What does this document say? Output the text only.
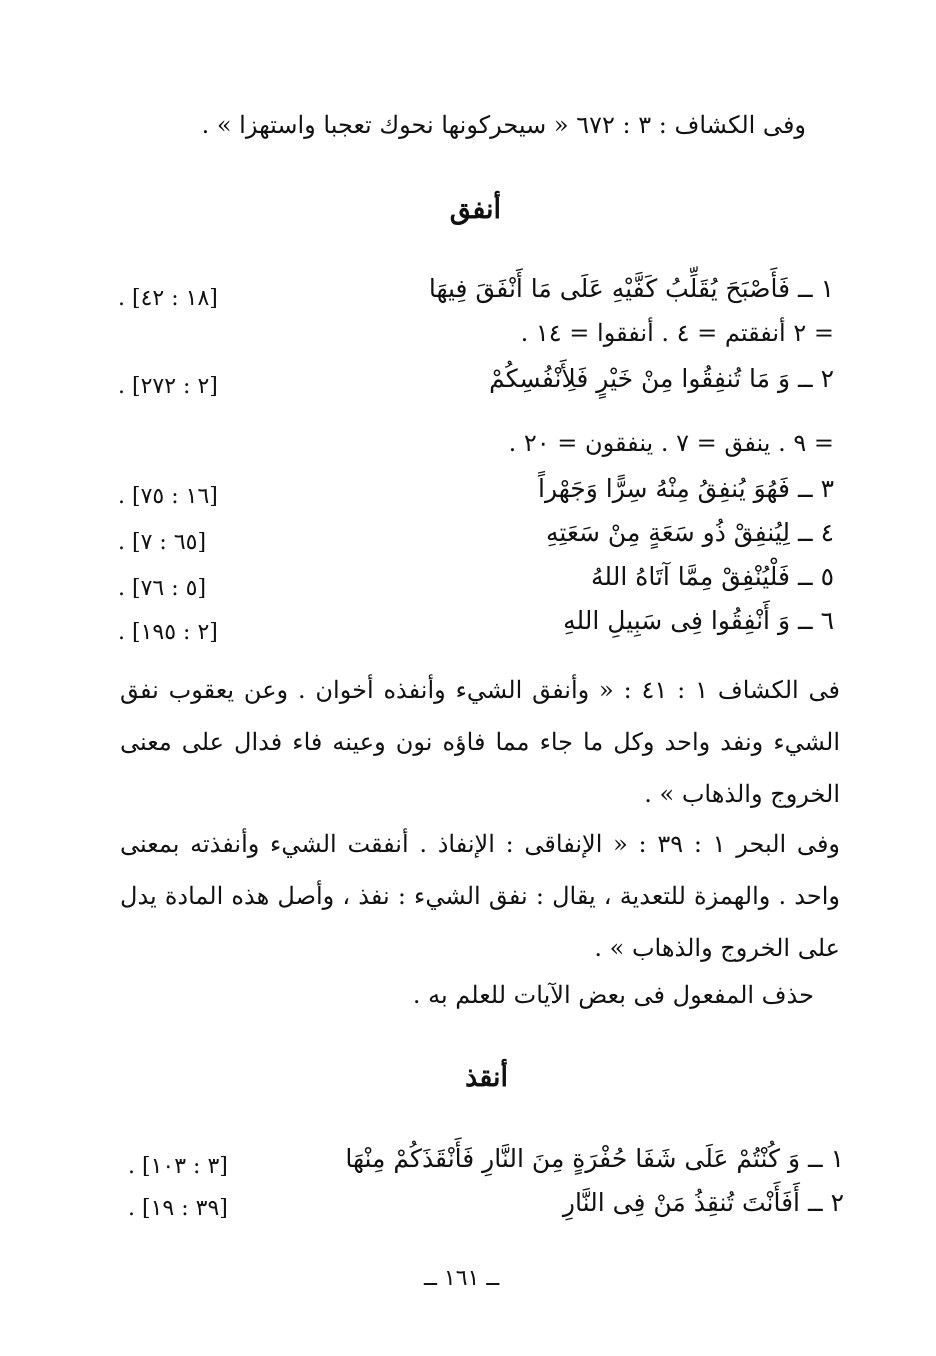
وفى الكشاف : ٣ : ٦٧٢ « سيحركونها نحوك تعجبا واستهزا » .
أنفق
١ ــ فَأَصْبَحَ يُقَلِّبُ كَفَّيْهِ عَلَى مَا أَنْفَقَ فِيهَا
[١٨ : ٤٢] .
= ٢ أنفقتم = ٤ . أنفقوا = ١٤ .
٢ ــ وَ مَا تُنفِقُوا مِنْ خَيْرٍ فَلِأَنْفُسِكُمْ
[٢ : ٢٧٢] .
= ٩ . ينفق = ٧ . ينفقون = ٢٠ .
٣ ــ فَهُوَ يُنفِقُ مِنْهُ سِرًّا وَجَهْراً
[١٦ : ٧٥] .
٤ ــ لِيُنفِقْ ذُو سَعَةٍ مِنْ سَعَتِهِ
[٦٥ : ٧] .
٥ ــ فَلْيُنْفِقْ مِمَّا آتَاهُ اللهُ
[٥ : ٧٦] .
٦ ــ وَ أَنْفِقُوا فِى سَبِيلِ اللهِ
[٢ : ١٩٥] .
فى الكشاف ١ : ٤١ : « وأنفق الشيء وأنفذه أخوان . وعن يعقوب نفق الشيء ونفد واحد وكل ما جاء مما فاؤه نون وعينه فاء فدال على معنى الخروج والذهاب » .
وفى البحر ١ : ٣٩ : « الإنفاقى : الإنفاذ . أنفقت الشيء وأنفذته بمعنى واحد . والهمزة للتعدية ، يقال : نفق الشيء : نفذ ، وأصل هذه المادة يدل على الخروج والذهاب » .
حذف المفعول فى بعض الآيات للعلم به .
أنقذ
١ ــ وَ كُنْتُمْ عَلَى شَفَا حُفْرَةٍ مِنَ النَّارِ فَأَنْقَذَكُمْ مِنْهَا
[٣ : ١٠٣] .
٢ ــ أَفَأَنْتَ تُنقِذُ مَنْ فِى النَّارِ
[٣٩ : ١٩] .
ــ ١٦١ ــ
